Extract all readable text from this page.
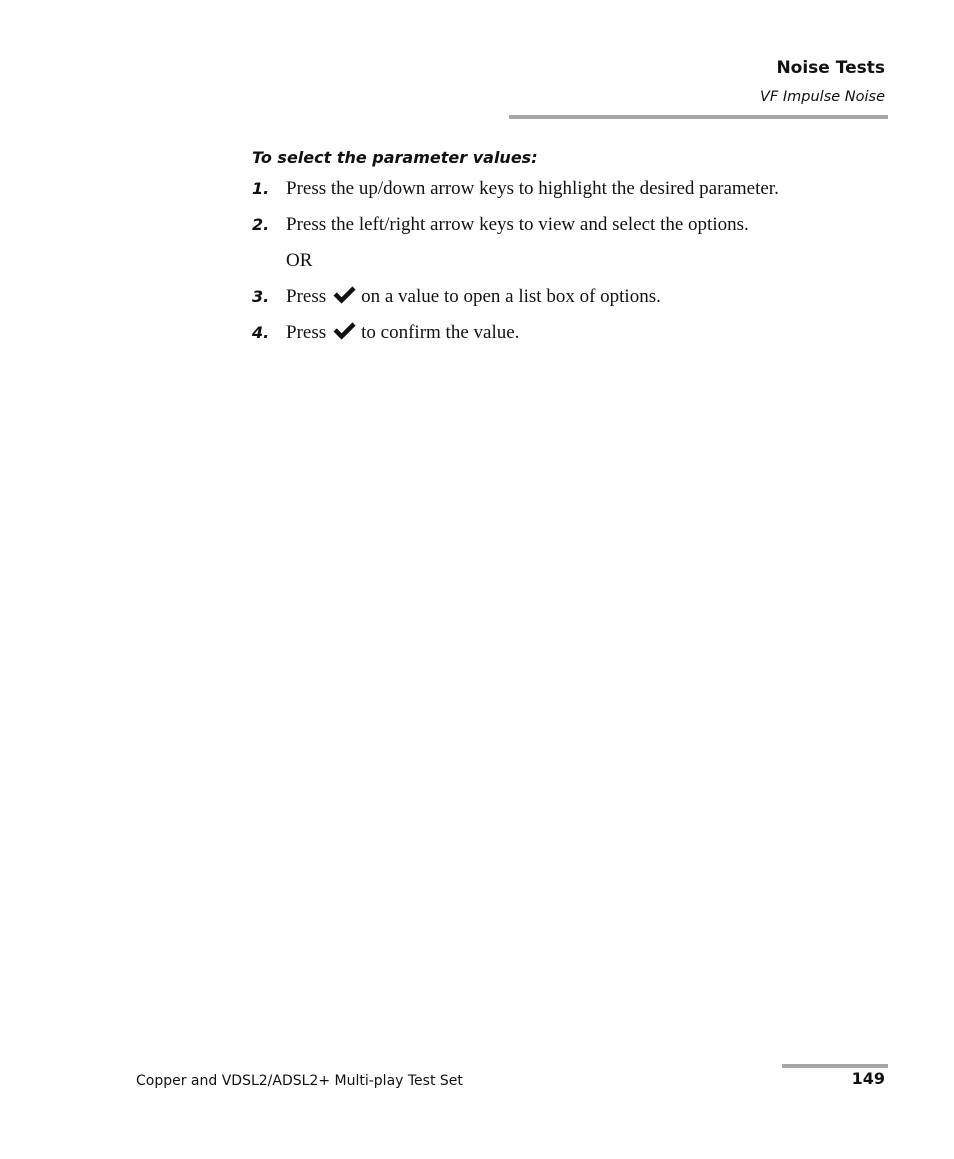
Noise Tests
VF Impulse Noise
To select the parameter values:
1. Press the up/down arrow keys to highlight the desired parameter.
2. Press the left/right arrow keys to view and select the options.
OR
3. Press on a value to open a list box of options.
4. Press to confirm the value.
Copper and VDSL2/ADSL2+ Multi-play Test Set	149
